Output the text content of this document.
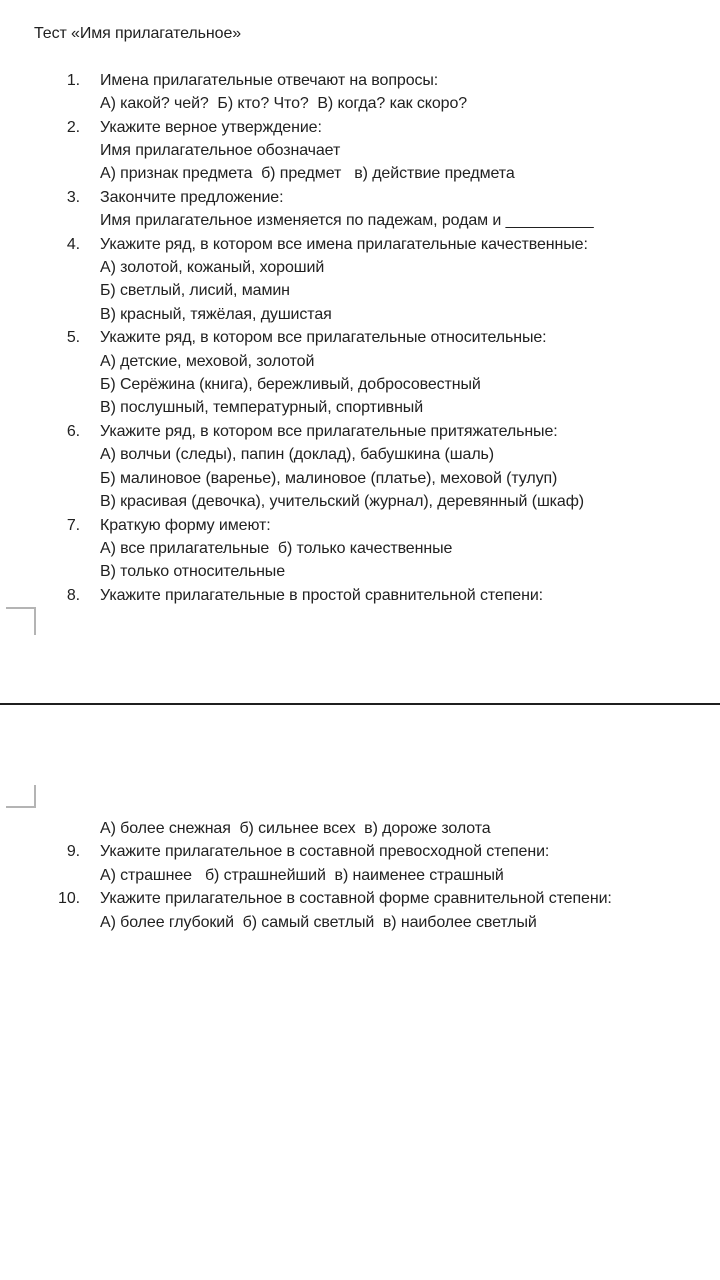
Тест «Имя прилагательное»
1. Имена прилагательные отвечают на вопросы:
А) какой? чей?  Б) кто? Что?  В) когда? как скоро?
2. Укажите верное утверждение:
Имя прилагательное обозначает
А) признак предмета  б) предмет   в) действие предмета
3. Закончите предложение:
Имя прилагательное изменяется по падежам, родам и __________
4. Укажите ряд, в котором все имена прилагательные качественные:
А) золотой, кожаный, хороший
Б) светлый, лисий, мамин
В) красный, тяжёлая, душистая
5. Укажите ряд, в котором все прилагательные относительные:
А) детские, меховой, золотой
Б) Серёжина (книга), бережливый, добросовестный
В) послушный, температурный, спортивный
6. Укажите ряд, в котором все прилагательные притяжательные:
А) волчьи (следы), папин (доклад), бабушкина (шаль)
Б) малиновое (варенье), малиновое (платье), меховой (тулуп)
В) красивая (девочка), учительский (журнал), деревянный (шкаф)
7. Краткую форму имеют:
А) все прилагательные  б) только качественные
В) только относительные
8. Укажите прилагательные в простой сравнительной степени:
А) более снежная  б) сильнее всех  в) дороже золота
9. Укажите прилагательное в составной превосходной степени:
А) страшнее   б) страшнейший  в) наименее страшный
10. Укажите прилагательное в составной форме сравнительной степени:
А) более глубокий  б) самый светлый  в) наиболее светлый
